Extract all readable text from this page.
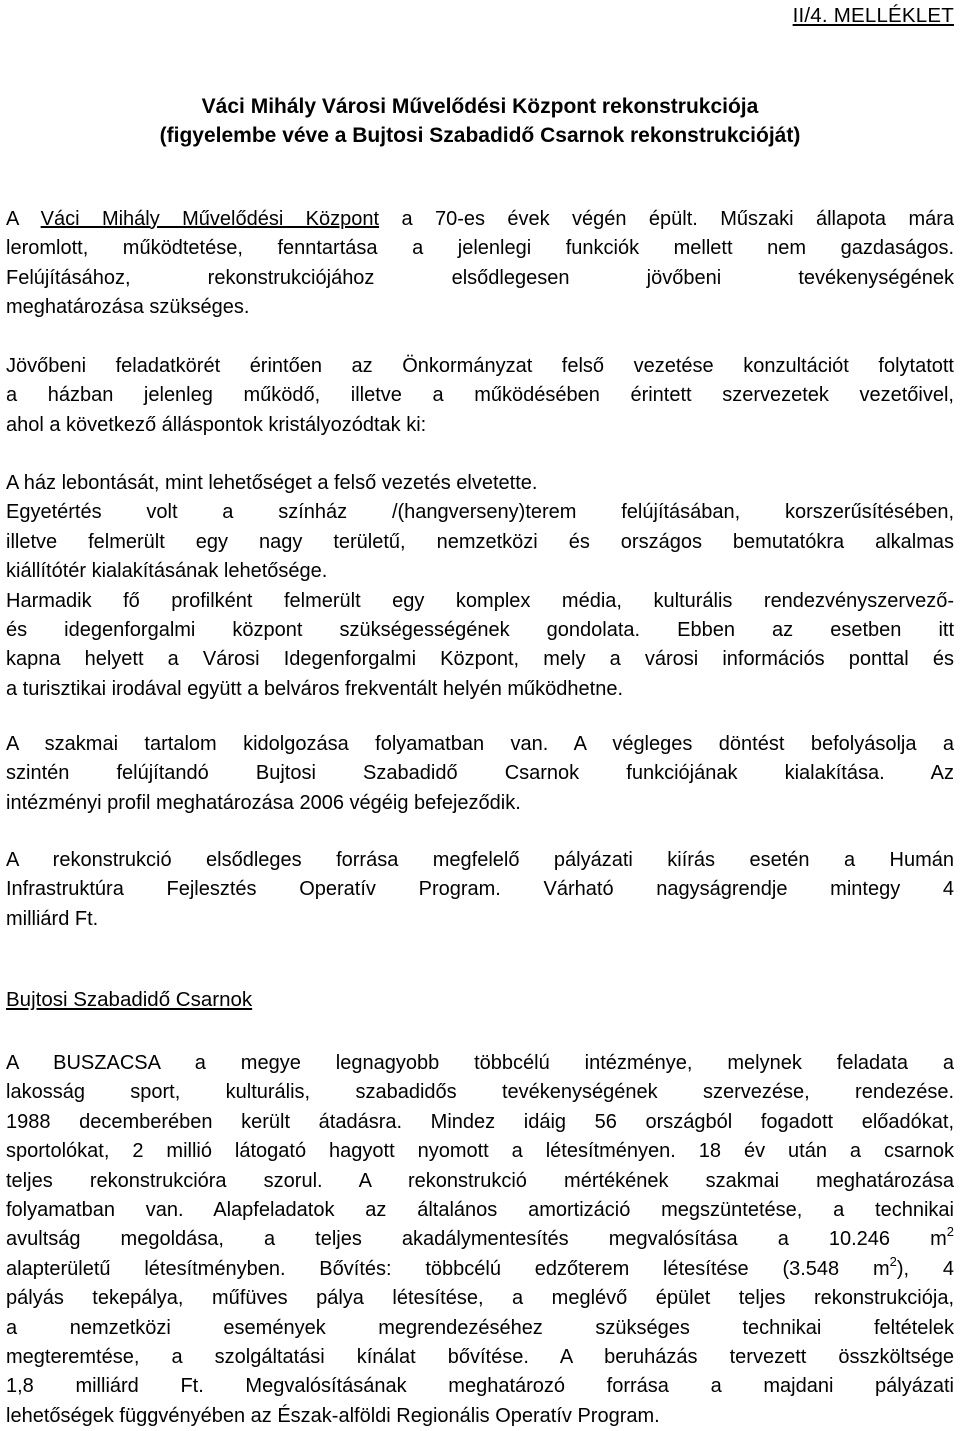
II/4. MELLÉKLET
Váci Mihály Városi Művelődési Központ rekonstrukciója
(figyelembe véve a Bujtosi Szabadidő Csarnok rekonstrukcióját)

A Váci Mihály Művelődési Központ a 70-es évek végén épült. Műszaki állapota mára
leromlott, működtetése, fenntartása a jelenlegi funkciók mellett nem gazdaságos.
Felújításához, rekonstrukciójához elsődlegesen jövőbeni tevékenységének
meghatározása szükséges.

Jövőbeni feladatkörét érintően az Önkormányzat felső vezetése konzultációt folytatott
a házban jelenleg működő, illetve a működésében érintett szervezetek vezetőivel,
ahol a következő álláspontok kristályozódtak ki:

A ház lebontását, mint lehetőséget a felső vezetés elvetette.
Egyetértés volt a színház /(hangverseny)terem felújításában, korszerűsítésében,
illetve felmerült egy nagy területű, nemzetközi és országos bemutatókra alkalmas
kiállítótér kialakításának lehetősége.
Harmadik fő profilként felmerült egy komplex média, kulturális rendezvényszervező-
és idegenforgalmi központ szükségességének gondolata. Ebben az esetben itt
kapna helyett a Városi Idegenforgalmi Központ, mely a városi információs ponttal és
a turisztikai irodával együtt a belváros frekventált helyén működhetne.

A szakmai tartalom kidolgozása folyamatban van. A végleges döntést befolyásolja a
szintén felújítandó Bujtosi Szabadidő Csarnok funkciójának kialakítása. Az
intézményi profil meghatározása 2006 végéig befejeződik.

A rekonstrukció elsődleges forrása megfelelő pályázati kiírás esetén a Humán
Infrastruktúra Fejlesztés Operatív Program. Várható nagyságrendje mintegy 4
milliárd Ft.

Bujtosi Szabadidő Csarnok

A BUSZACSA a megye legnagyobb többcélú intézménye, melynek feladata a
lakosság sport, kulturális, szabadidős tevékenységének szervezése, rendezése.
1988 decemberében került átadásra. Mindez idáig 56 országból fogadott előadókat,
sportolókat, 2 millió látogató hagyott nyomott a létesítményen. 18 év után a csarnok
teljes rekonstrukcióra szorul. A rekonstrukció mértékének szakmai meghatározása
folyamatban van. Alapfeladatok az általános amortizáció megszüntetése, a technikai
avultság megoldása, a teljes akadálymentesítés megvalósítása a 10.246 $m^2$
alapterületű létesítményben. Bővítés: többcélú edzőterem létesítése (3.548 $m^2$), 4
pályás tekepálya, műfüves pálya létesítése, a meglévő épület teljes rekonstrukciója,
a nemzetközi események megrendezéséhez szükséges technikai feltételek
megteremtése, a szolgáltatási kínálat bővítése. A beruházás tervezett összköltsége
1,8 milliárd Ft. Megvalósításának meghatározó forrása a majdani pályázati
lehetőségek függvényében az Észak-alföldi Regionális Operatív Program.
